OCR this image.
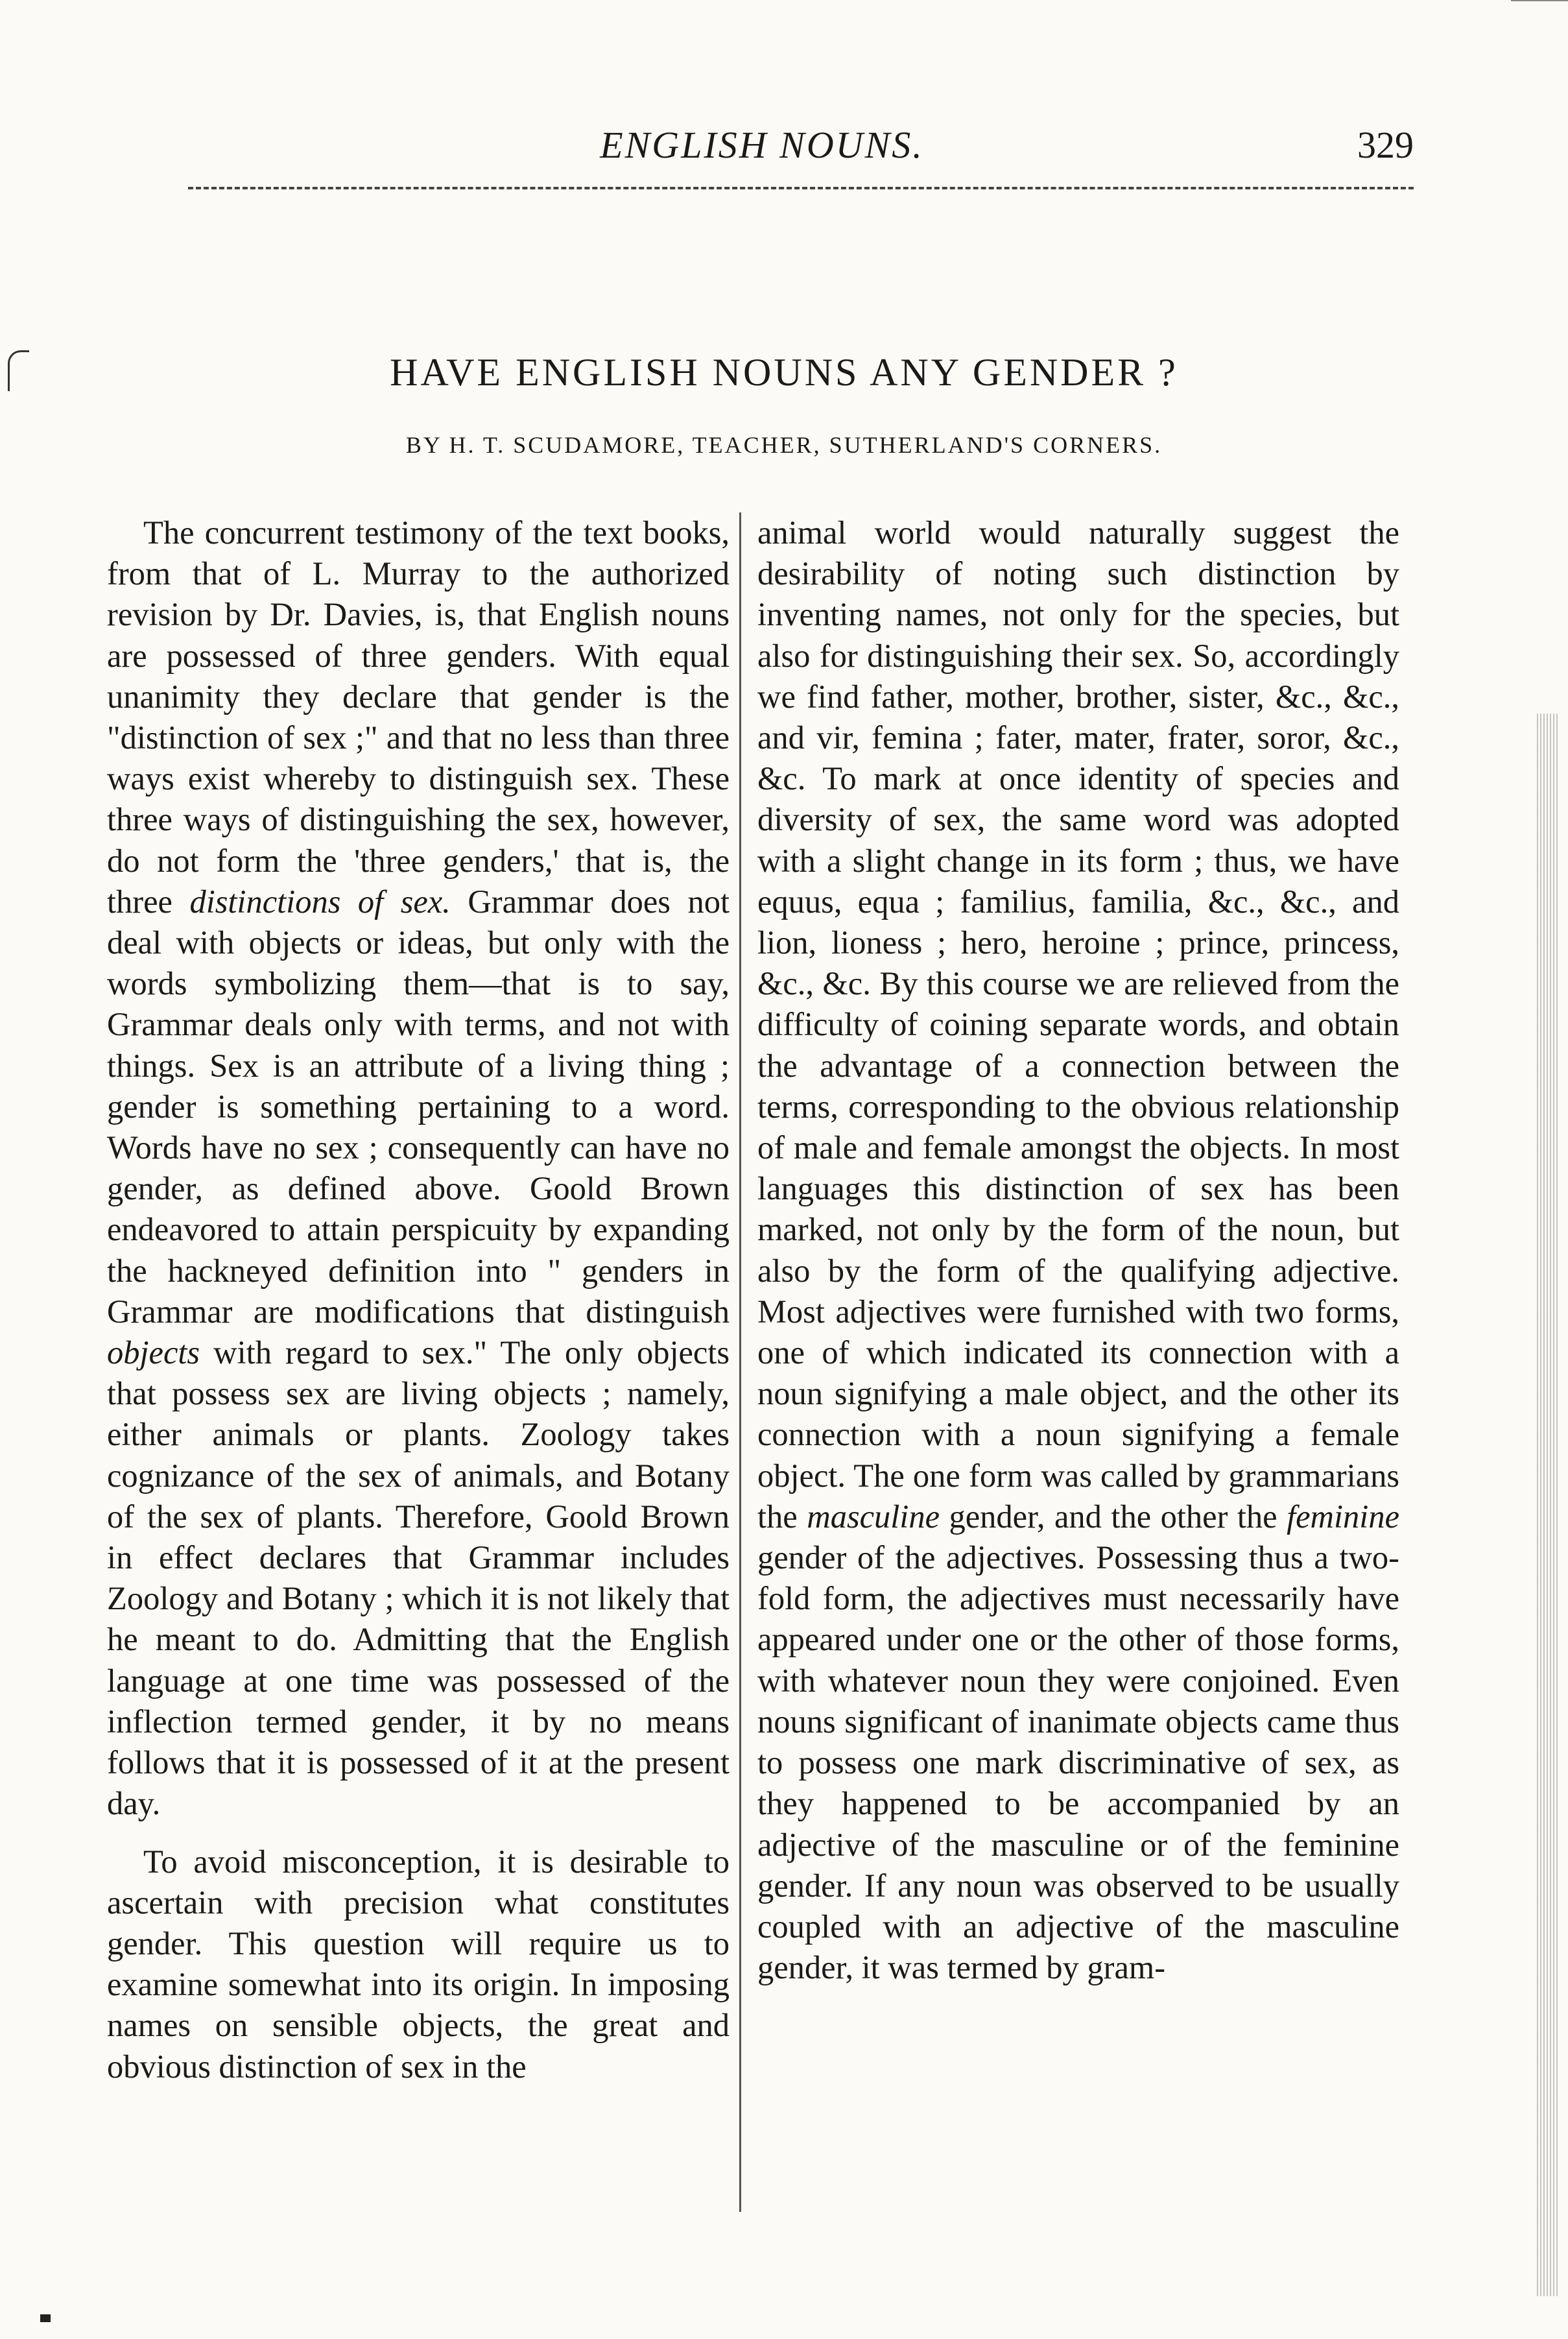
ENGLISH NOUNS.	329
HAVE ENGLISH NOUNS ANY GENDER ?
BY H. T. SCUDAMORE, TEACHER, SUTHERLAND'S CORNERS.

The concurrent testimony of the text books, from that of L. Murray to the authorized revision by Dr. Davies, is, that English nouns are possessed of three genders. With equal unanimity they declare that gender is the "distinction of sex ;" and that no less than three ways exist whereby to distinguish sex. These three ways of distinguishing the sex, however, do not form the 'three genders,' that is, the three distinctions of sex. Grammar does not deal with objects or ideas, but only with the words symbolizing them—that is to say, Grammar deals only with terms, and not with things. Sex is an attribute of a living thing ; gender is something pertaining to a word. Words have no sex ; consequently can have no gender, as defined above. Goold Brown endeavored to attain perspicuity by expanding the hackneyed definition into " genders in Grammar are modifications that distinguish objects with regard to sex." The only objects that possess sex are living objects ; namely, either animals or plants. Zoology takes cognizance of the sex of animals, and Botany of the sex of plants. Therefore, Goold Brown in effect declares that Grammar includes Zoology and Botany ; which it is not likely that he meant to do. Admitting that the English language at one time was possessed of the inflection termed gender, it by no means follows that it is possessed of it at the present day.

To avoid misconception, it is desirable to ascertain with precision what constitutes gender. This question will require us to examine somewhat into its origin. In imposing names on sensible objects, the great and obvious distinction of sex in the

animal world would naturally suggest the desirability of noting such distinction by inventing names, not only for the species, but also for distinguishing their sex. So, accordingly we find father, mother, brother, sister, &c., &c., and vir, femina ; fater, mater, frater, soror, &c., &c. To mark at once identity of species and diversity of sex, the same word was adopted with a slight change in its form ; thus, we have equus, equa ; familius, familia, &c., &c., and lion, lioness ; hero, heroine ; prince, princess, &c., &c. By this course we are relieved from the difficulty of coining separate words, and obtain the advantage of a connection between the terms, corresponding to the obvious relationship of male and female amongst the objects. In most languages this distinction of sex has been marked, not only by the form of the noun, but also by the form of the qualifying adjective. Most adjectives were furnished with two forms, one of which indicated its connection with a noun signifying a male object, and the other its connection with a noun signifying a female object. The one form was called by grammarians the masculine gender, and the other the feminine gender of the adjectives. Possessing thus a two-fold form, the adjectives must necessarily have appeared under one or the other of those forms, with whatever noun they were conjoined. Even nouns significant of inanimate objects came thus to possess one mark discriminative of sex, as they happened to be accompanied by an adjective of the masculine or of the feminine gender. If any noun was observed to be usually coupled with an adjective of the masculine gender, it was termed by gram-
